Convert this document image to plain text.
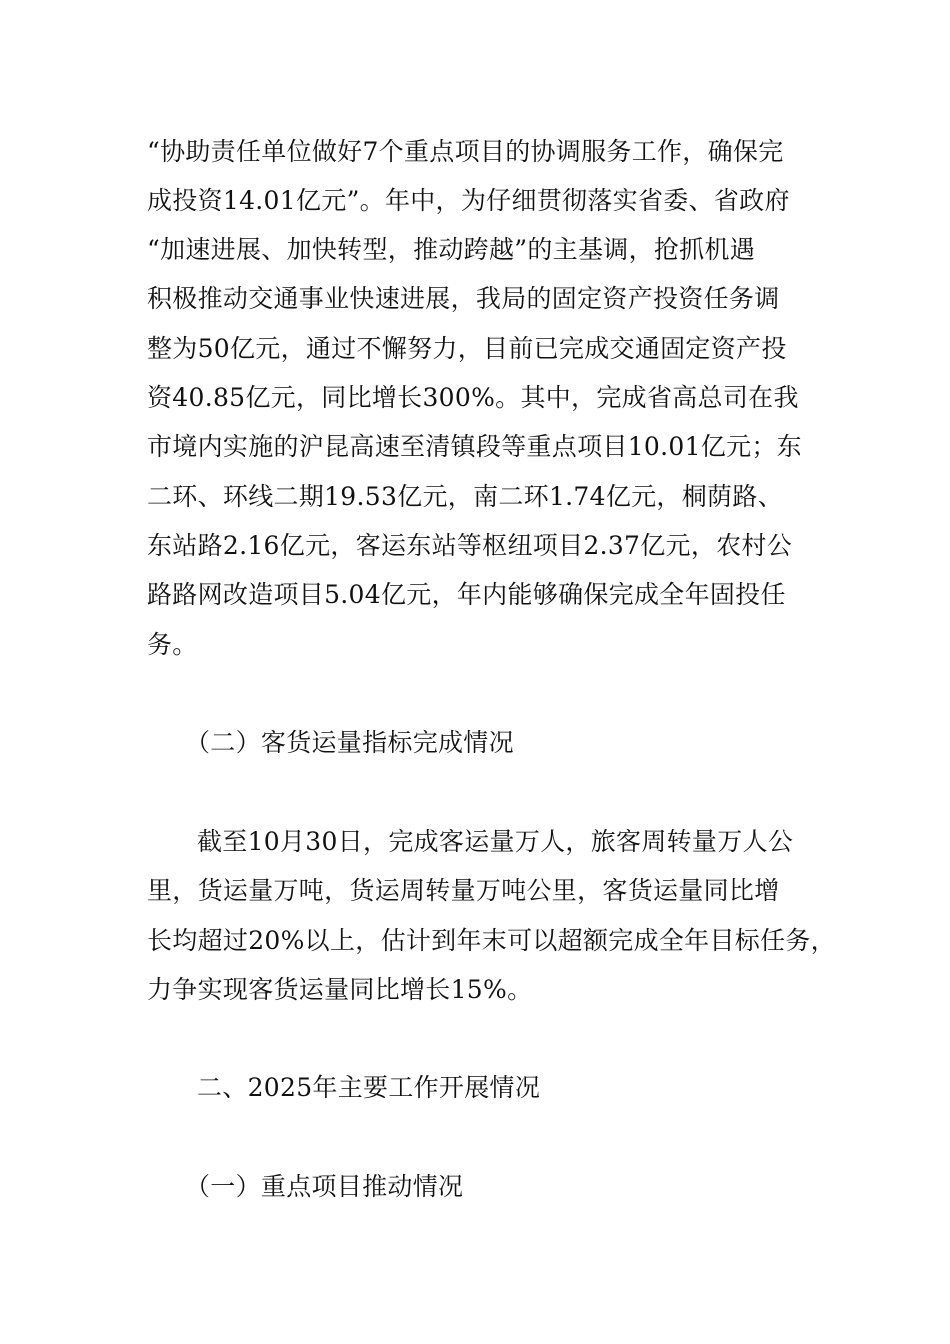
“协助责任单位做好7个重点项目的协调服务工作，确保完
成投资14.01亿元”。年中，为仔细贯彻落实省委、省政府
“加速进展、加快转型，推动跨越”的主基调，抢抓机遇
积极推动交通事业快速进展，我局的固定资产投资任务调
整为50亿元，通过不懈努力，目前已完成交通固定资产投
资40.85亿元，同比增长300%。其中，完成省高总司在我
市境内实施的沪昆高速至清镇段等重点项目10.01亿元；东
二环、环线二期19.53亿元，南二环1.74亿元，桐荫路、
东站路2.16亿元，客运东站等枢纽项目2.37亿元，农村公
路路网改造项目5.04亿元，年内能够确保完成全年固投任
务。
（二）客货运量指标完成情况
截至10月30日，完成客运量万人，旅客周转量万人公
里，货运量万吨，货运周转量万吨公里，客货运量同比增
长均超过20%以上，估计到年末可以超额完成全年目标任务，
力争实现客货运量同比增长15%。
二、2025年主要工作开展情况
（一）重点项目推动情况
